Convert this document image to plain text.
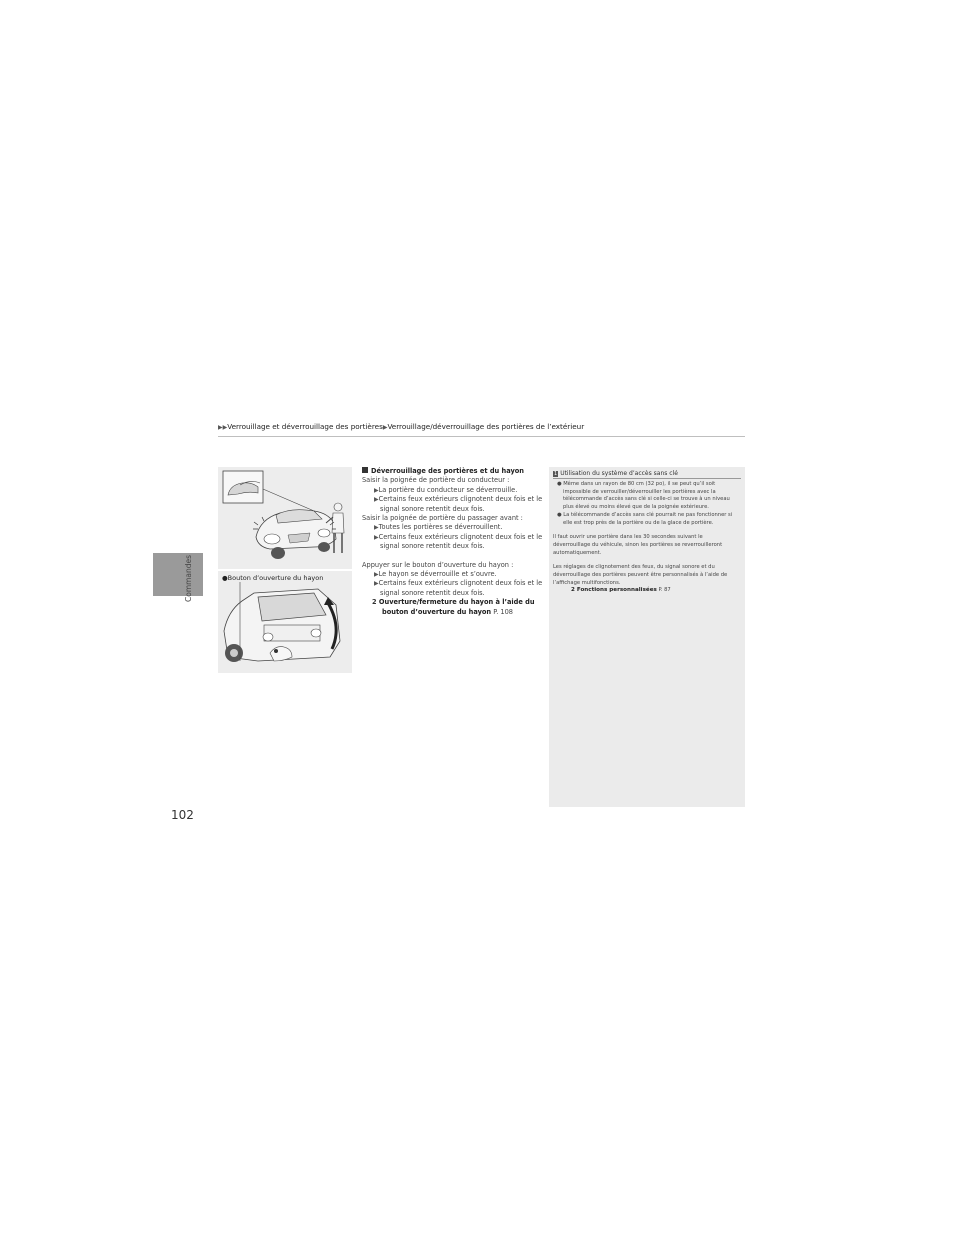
▶▶Verrouillage et déverrouillage des portières▶Verrouillage/déverrouillage des portières de l’extérieur
Commandes
102
●Bouton d’ouverture du hayon

Déverrouillage des portières et du hayon

Saisir la poignée de portière du conducteur :

▶La portière du conducteur se déverrouille.

▶Certains feux extérieurs clignotent deux fois et le signal sonore retentit deux fois.

Saisir la poignée de portière du passager avant :

▶Toutes les portières se déverrouillent.

▶Certains feux extérieurs clignotent deux fois et le signal sonore retentit deux fois.

Appuyer sur le bouton d’ouverture du hayon :

▶Le hayon se déverrouille et s’ouvre.

▶Certains feux extérieurs clignotent deux fois et le signal sonore retentit deux fois.

2 Ouverture/fermeture du hayon à l’aide du bouton d’ouverture du hayon P. 108

1 Utilisation du système d’accès sans clé

● Même dans un rayon de 80 cm (32 po), il se peut qu’il soit impossible de verrouiller/déverrouiller les portières avec la télécommande d’accès sans clé si celle-ci se trouve à un niveau plus élevé ou moins élevé que de la poignée extérieure.

● La télécommande d’accès sans clé pourrait ne pas fonctionner si elle est trop près de la portière ou de la glace de portière.

Il faut ouvrir une portière dans les 30 secondes suivant le déverrouillage du véhicule, sinon les portières se reverrouilleront automatiquement.

Les réglages de clignotement des feux, du signal sonore et du déverrouillage des portières peuvent être personnalisés à l’aide de l’affichage multifonctions.

2 Fonctions personnalisées P. 87
